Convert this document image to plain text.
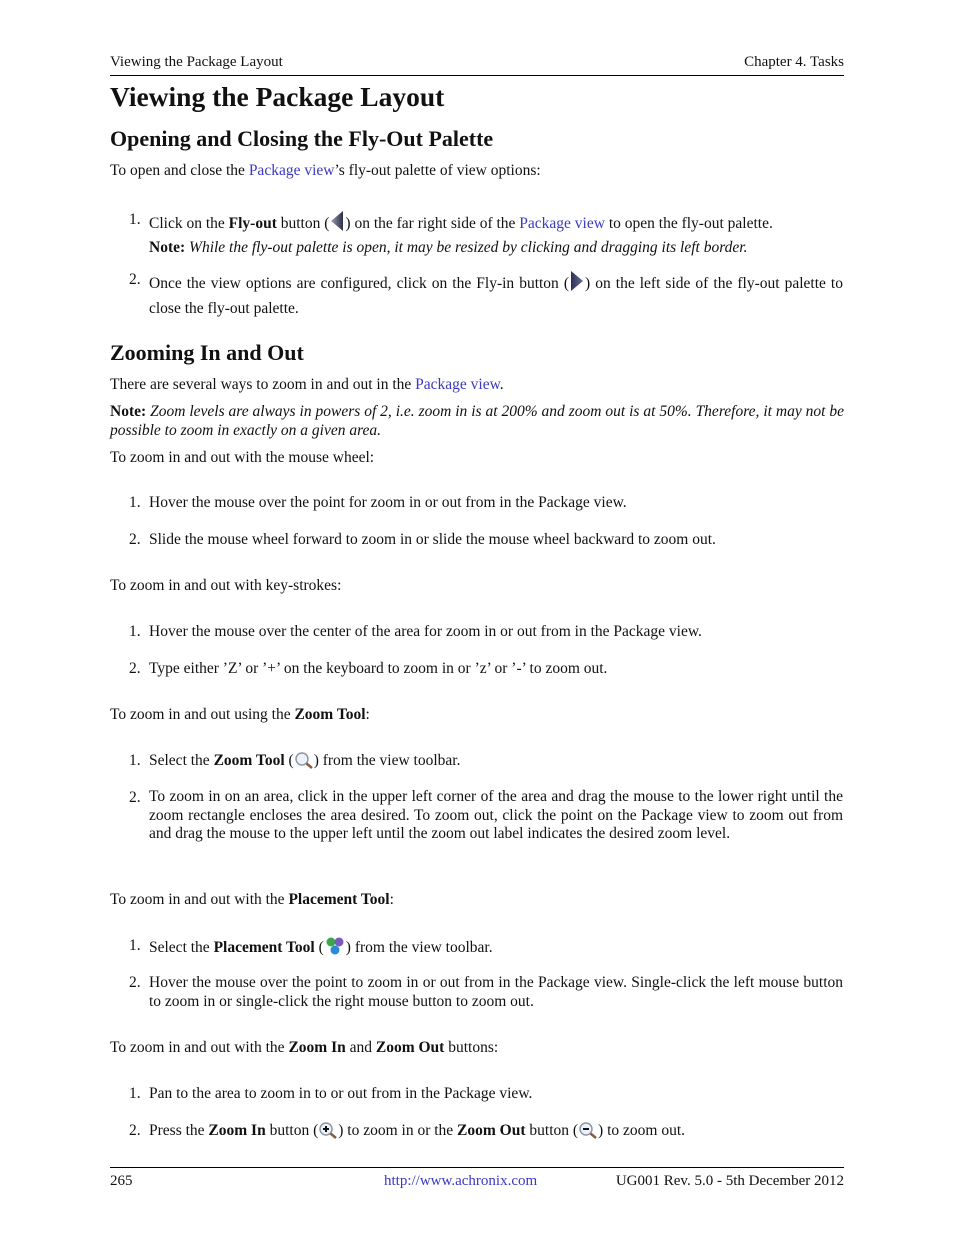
Viewing the Package Layout	Chapter 4. Tasks
Viewing the Package Layout
Opening and Closing the Fly-Out Palette
To open and close the Package view’s fly-out palette of view options:
1. Click on the Fly-out button ( ) on the far right side of the Package view to open the fly-out palette.
Note: While the fly-out palette is open, it may be resized by clicking and dragging its left border.
2. Once the view options are configured, click on the Fly-in button ( ) on the left side of the fly-out palette to close the fly-out palette.
Zooming In and Out
There are several ways to zoom in and out in the Package view.
Note: Zoom levels are always in powers of 2, i.e. zoom in is at 200% and zoom out is at 50%. Therefore, it may not be possible to zoom in exactly on a given area.
To zoom in and out with the mouse wheel:
1. Hover the mouse over the point for zoom in or out from in the Package view.
2. Slide the mouse wheel forward to zoom in or slide the mouse wheel backward to zoom out.
To zoom in and out with key-strokes:
1. Hover the mouse over the center of the area for zoom in or out from in the Package view.
2. Type either ’Z’ or ’+’ on the keyboard to zoom in or ’z’ or ’-’ to zoom out.
To zoom in and out using the Zoom Tool:
1. Select the Zoom Tool ( ) from the view toolbar.
2. To zoom in on an area, click in the upper left corner of the area and drag the mouse to the lower right until the zoom rectangle encloses the area desired. To zoom out, click the point on the Package view to zoom out from and drag the mouse to the upper left until the zoom out label indicates the desired zoom level.
To zoom in and out with the Placement Tool:
1. Select the Placement Tool ( ) from the view toolbar.
2. Hover the mouse over the point to zoom in or out from in the Package view. Single-click the left mouse button to zoom in or single-click the right mouse button to zoom out.
To zoom in and out with the Zoom In and Zoom Out buttons:
1. Pan to the area to zoom in to or out from in the Package view.
2. Press the Zoom In button ( ) to zoom in or the Zoom Out button ( ) to zoom out.
265	http://www.achronix.com	UG001 Rev. 5.0 - 5th December 2012
